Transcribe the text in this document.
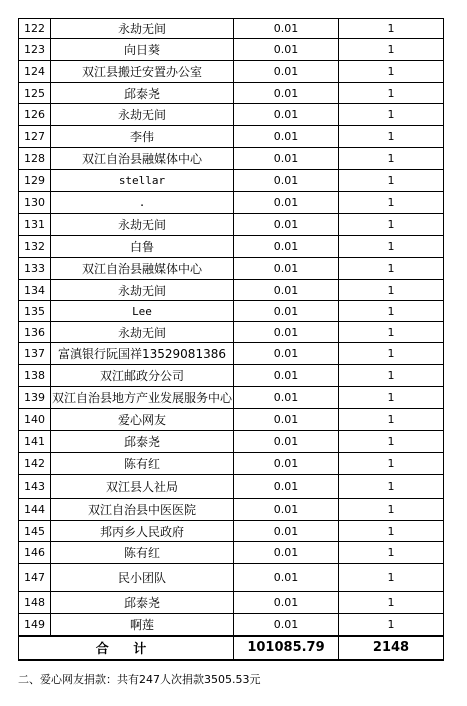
122	永劫无间	0.01	1
123	向日葵	0.01	1
124	双江县搬迁安置办公室	0.01	1
125	邱泰尧	0.01	1
126	永劫无间	0.01	1
127	李伟	0.01	1
128	双江自治县融媒体中心	0.01	1
129	stellar	0.01	1
130	.	0.01	1
131	永劫无间	0.01	1
132	白鲁	0.01	1
133	双江自治县融媒体中心	0.01	1
134	永劫无间	0.01	1
135	Lee	0.01	1
136	永劫无间	0.01	1
137	富滇银行阮国祥13529081386	0.01	1
138	双江邮政分公司	0.01	1
139	双江自治县地方产业发展服务中心	0.01	1
140	爱心网友	0.01	1
141	邱泰尧	0.01	1
142	陈有红	0.01	1
143	双江县人社局	0.01	1
144	双江自治县中医医院	0.01	1
145	邦丙乡人民政府	0.01	1
146	陈有红	0.01	1
147	民小团队	0.01	1
148	邱泰尧	0.01	1
149	啊莲	0.01	1
合 计		101085.79	2148
二、爱心网友捐款：共有247人次捐款3505.53元
